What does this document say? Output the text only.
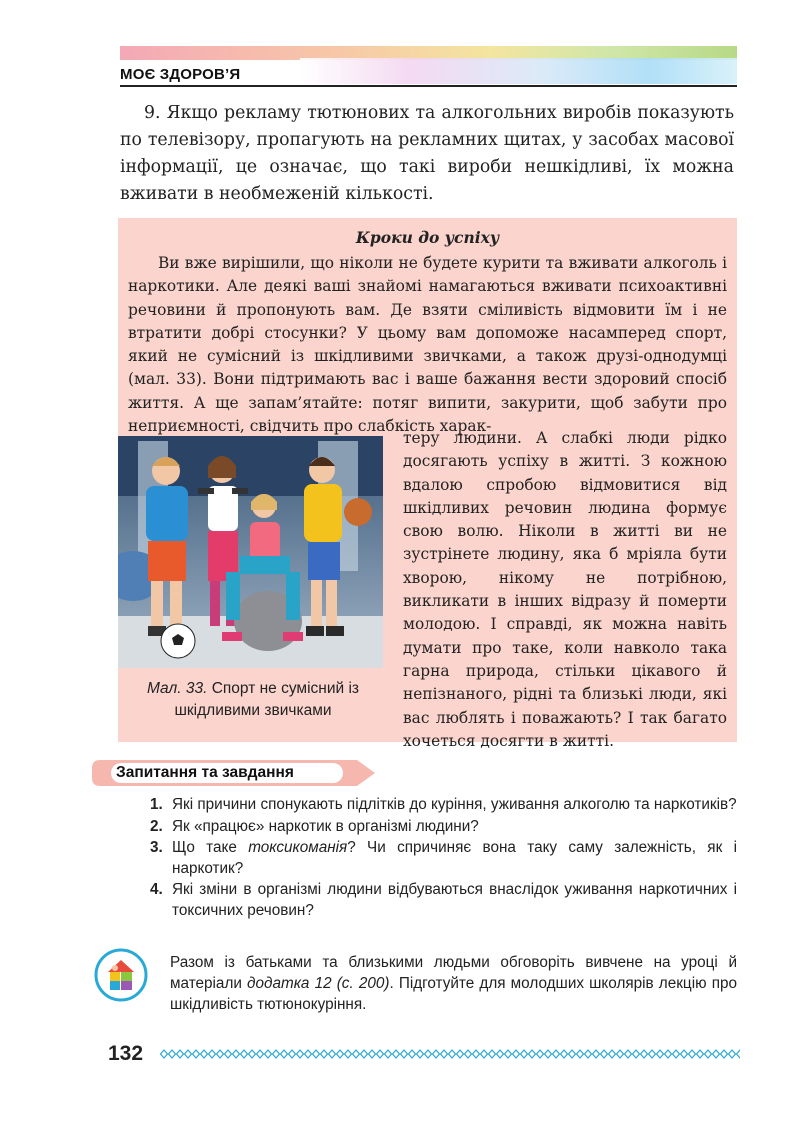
МОЄ ЗДОРОВ’Я
9. Якщо рекламу тютюнових та алкогольних виробів показують по телевізору, пропагують на рекламних щитах, у засобах масової інформації, це означає, що такі вироби нешкідливі, їх можна вживати в необмеженій кількості.
Кроки до успіху
Ви вже вирішили, що ніколи не будете курити та вживати алкоголь і наркотики. Але деякі ваші знайомі намагаються вживати психоактивні речовини й пропонують вам. Де взяти сміливість відмовити їм і не втратити добрі стосунки? У цьому вам допоможе насамперед спорт, який не сумісний із шкідливими звичками, а також друзі-однодумці (мал. 33). Вони підтримають вас і ваше бажання вести здоровий спосіб життя. А ще запам’ятайте: потяг випити, закурити, щоб забути про неприємності, свідчить про слабкість харак-
Мал. 33. Спорт не сумісний із шкідливими звичками
теру людини. А слабкі люди рідко досягають успіху в житті. З кожною вдалою спробою відмовитися від шкідливих речовин людина формує свою волю. Ніколи в житті ви не зустрінете людину, яка б мріяла бути хворою, нікому не потрібною, викликати в інших відразу й померти молодою. І справді, як можна навіть думати про таке, коли навколо така гарна природа, стільки цікавого й непізнаного, рідні та близькі люди, які вас люблять і поважають? І так багато хочеться досягти в житті.
Запитання та завдання
1. Які причини спонукають підлітків до куріння, уживання алкоголю та наркотиків?
2. Як «працює» наркотик в організмі людини?
3. Що таке токсикоманія? Чи спричиняє вона таку саму залежність, як і наркотик?
4. Які зміни в організмі людини відбуваються внаслідок уживання наркотичних і токсичних речовин?
Разом із батьками та близькими людьми обговоріть вивчене на уроці й матеріали додатка 12 (с. 200). Підготуйте для молодших школярів лекцію про шкідливість тютюнокуріння.
132
